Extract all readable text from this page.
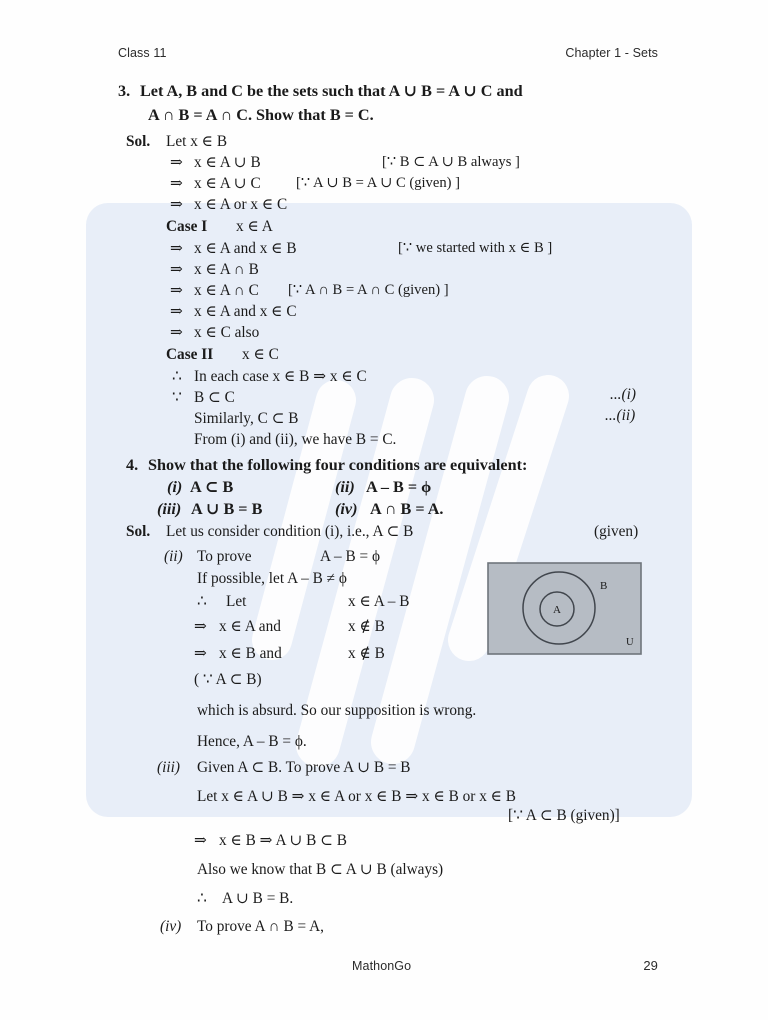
Class 11	Chapter 1 - Sets
A
B
U
3. Let A, B and C be the sets such that A ∪ B = A ∪ C and
A ∩ B = A ∩ C. Show that B = C.
Sol. Let x ∈ B
⇒ x ∈ A ∪ B	[∵ B ⊂ A ∪ B always ]
⇒ x ∈ A ∪ C [∵ A ∪ B = A ∪ C (given) ]
⇒ x ∈ A or x ∈ C
Case I x ∈ A
⇒ x ∈ A and x ∈ B	[∵ we started with x ∈ B ]
⇒ x ∈ A ∩ B
⇒ x ∈ A ∩ C [∵ A ∩ B = A ∩ C (given) ]
⇒ x ∈ A and x ∈ C
⇒ x ∈ C also
Case II x ∈ C
∴ In each case x ∈ B ⇒ x ∈ C
∵ B ⊂ C	...(i)
Similarly, C ⊂ B	...(ii)
From (i) and (ii), we have B = C.
4. Show that the following four conditions are equivalent:
(i) A ⊂ B	(ii) A – B = ϕ
(iii) A ∪ B = B	(iv) A ∩ B = A.
Sol. Let us consider condition (i), i.e., A ⊂ B	(given)
(ii) To prove	A – B = ϕ
If possible, let A – B ≠ ϕ
∴ Let	x ∈ A – B
⇒ x ∈ A and	x ∉ B
⇒ x ∈ B and	x ∉ B
( ∵ A ⊂ B)
which is absurd. So our supposition is wrong.
Hence, A – B = ϕ.
(iii) Given A ⊂ B. To prove A ∪ B = B
Let x ∈ A ∪ B ⇒ x ∈ A or x ∈ B ⇒ x ∈ B or x ∈ B
[∵ A ⊂ B (given)]
⇒ x ∈ B ⇒ A ∪ B ⊂ B
Also we know that B ⊂ A ∪ B (always)
∴ A ∪ B = B.
(iv) To prove A ∩ B = A,
MathonGo	29
